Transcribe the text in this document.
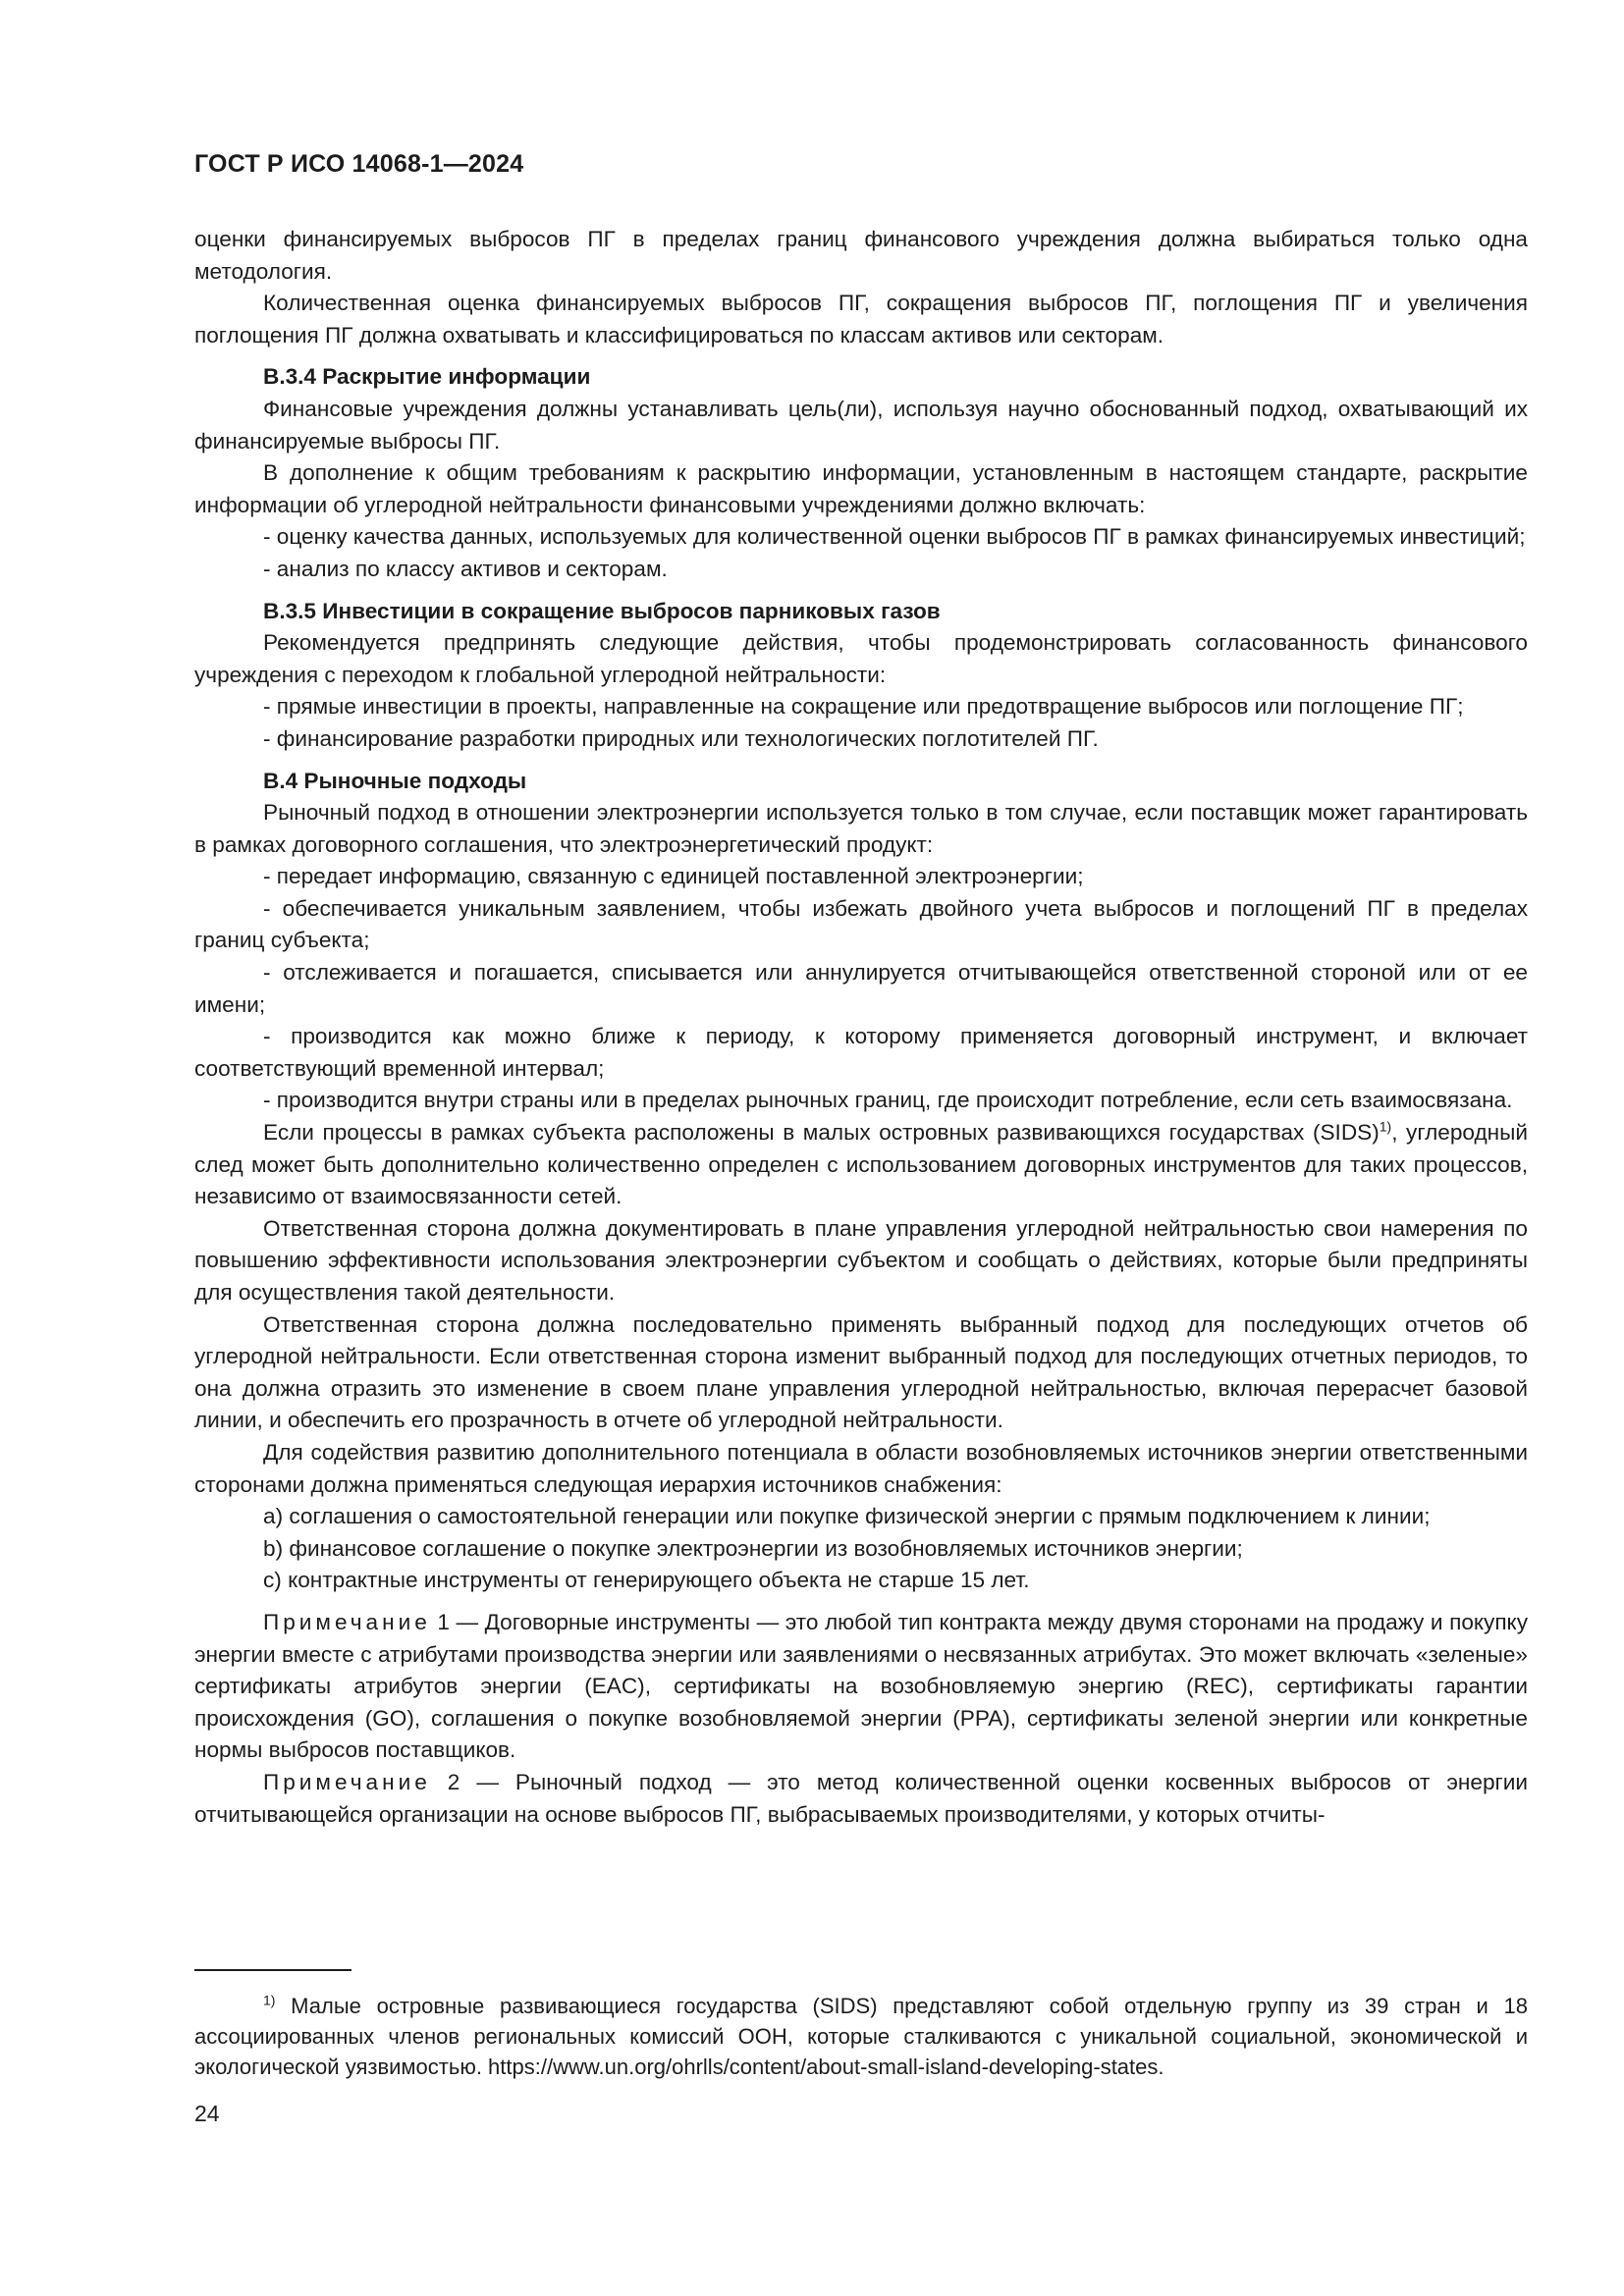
ГОСТ Р ИСО 14068-1—2024

оценки финансируемых выбросов ПГ в пределах границ финансового учреждения должна выбираться только одна методология.

Количественная оценка финансируемых выбросов ПГ, сокращения выбросов ПГ, поглощения ПГ и увеличения поглощения ПГ должна охватывать и классифицироваться по классам активов или секторам.

B.3.4 Раскрытие информации

Финансовые учреждения должны устанавливать цель(ли), используя научно обоснованный подход, охватывающий их финансируемые выбросы ПГ.

В дополнение к общим требованиям к раскрытию информации, установленным в настоящем стандарте, раскрытие информации об углеродной нейтральности финансовыми учреждениями должно включать:

- оценку качества данных, используемых для количественной оценки выбросов ПГ в рамках финансируемых инвестиций;

- анализ по классу активов и секторам.

B.3.5 Инвестиции в сокращение выбросов парниковых газов

Рекомендуется предпринять следующие действия, чтобы продемонстрировать согласованность финансового учреждения с переходом к глобальной углеродной нейтральности:

- прямые инвестиции в проекты, направленные на сокращение или предотвращение выбросов или поглощение ПГ;

- финансирование разработки природных или технологических поглотителей ПГ.

B.4 Рыночные подходы

Рыночный подход в отношении электроэнергии используется только в том случае, если поставщик может гарантировать в рамках договорного соглашения, что электроэнергетический продукт:

- передает информацию, связанную с единицей поставленной электроэнергии;

- обеспечивается уникальным заявлением, чтобы избежать двойного учета выбросов и поглощений ПГ в пределах границ субъекта;

- отслеживается и погашается, списывается или аннулируется отчитывающейся ответственной стороной или от ее имени;

- производится как можно ближе к периоду, к которому применяется договорный инструмент, и включает соответствующий временной интервал;

- производится внутри страны или в пределах рыночных границ, где происходит потребление, если сеть взаимосвязана.

Если процессы в рамках субъекта расположены в малых островных развивающихся государствах (SIDS)$^{1)}$, углеродный след может быть дополнительно количественно определен с использованием договорных инструментов для таких процессов, независимо от взаимосвязанности сетей.

Ответственная сторона должна документировать в плане управления углеродной нейтральностью свои намерения по повышению эффективности использования электроэнергии субъектом и сообщать о действиях, которые были предприняты для осуществления такой деятельности.

Ответственная сторона должна последовательно применять выбранный подход для последующих отчетов об углеродной нейтральности. Если ответственная сторона изменит выбранный подход для последующих отчетных периодов, то она должна отразить это изменение в своем плане управления углеродной нейтральностью, включая перерасчет базовой линии, и обеспечить его прозрачность в отчете об углеродной нейтральности.

Для содействия развитию дополнительного потенциала в области возобновляемых источников энергии ответственными сторонами должна применяться следующая иерархия источников снабжения:

a) соглашения о самостоятельной генерации или покупке физической энергии с прямым подключением к линии;

b) финансовое соглашение о покупке электроэнергии из возобновляемых источников энергии;

c) контрактные инструменты от генерирующего объекта не старше 15 лет.

Примечание 1 — Договорные инструменты — это любой тип контракта между двумя сторонами на продажу и покупку энергии вместе с атрибутами производства энергии или заявлениями о несвязанных атрибутах. Это может включать «зеленые» сертификаты атрибутов энергии (EAC), сертификаты на возобновляемую энергию (REC), сертификаты гарантии происхождения (GO), соглашения о покупке возобновляемой энергии (PPA), сертификаты зеленой энергии или конкретные нормы выбросов поставщиков.

Примечание 2 — Рыночный подход — это метод количественной оценки косвенных выбросов от энергии отчитывающейся организации на основе выбросов ПГ, выбрасываемых производителями, у которых отчиты-

$^{1)}$ Малые островные развивающиеся государства (SIDS) представляют собой отдельную группу из 39 стран и 18 ассоциированных членов региональных комиссий ООН, которые сталкиваются с уникальной социальной, экономической и экологической уязвимостью. https://www.un.org/ohrlls/content/about-small-island-developing-states.

24
